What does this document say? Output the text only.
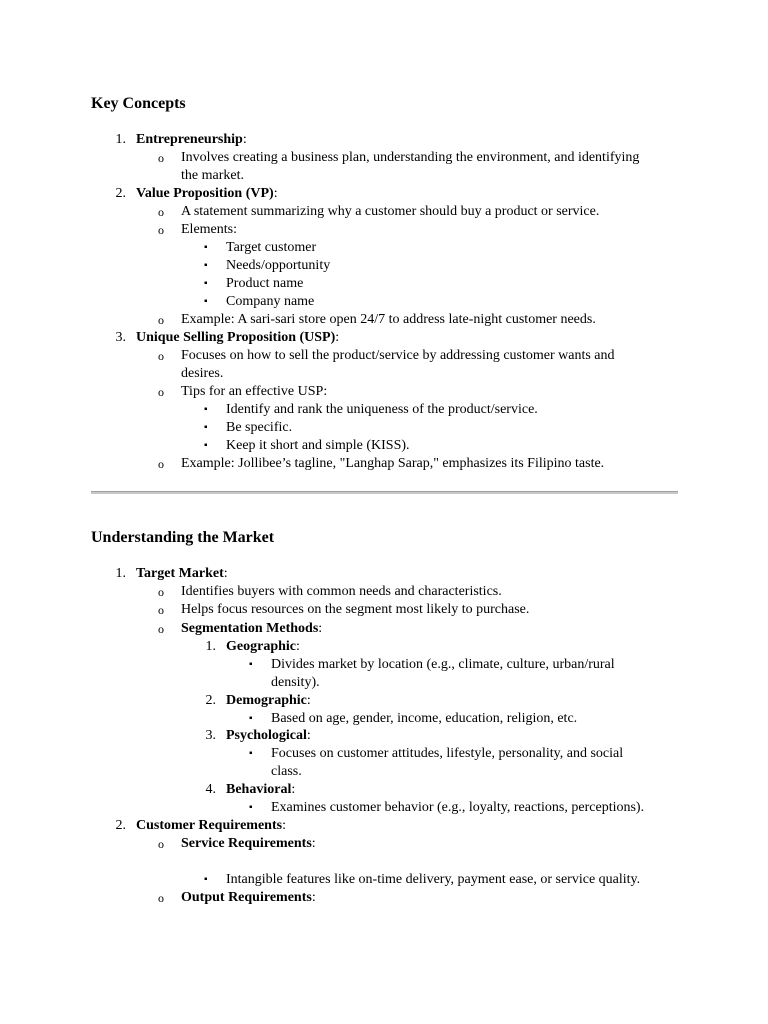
Key Concepts
1. Entrepreneurship:
o	Involves creating a business plan, understanding the environment, and identifying
the market.
2. Value Proposition (VP):
o	A statement summarizing why a customer should buy a product or service.
o	Elements:
▪	Target customer
▪	Needs/opportunity
▪	Product name
▪	Company name
o	Example: A sari-sari store open 24/7 to address late-night customer needs.
3. Unique Selling Proposition (USP):
o	Focuses on how to sell the product/service by addressing customer wants and
desires.
o	Tips for an effective USP:
▪	Identify and rank the uniqueness of the product/service.
▪	Be specific.
▪	Keep it short and simple (KISS).
o	Example: Jollibee’s tagline, "Langhap Sarap," emphasizes its Filipino taste.
Understanding the Market
1. Target Market:
o	Identifies buyers with common needs and characteristics.
o	Helps focus resources on the segment most likely to purchase.
o	Segmentation Methods:
1. Geographic:
▪	Divides market by location (e.g., climate, culture, urban/rural
density).
2. Demographic:
▪	Based on age, gender, income, education, religion, etc.
3. Psychological:
▪	Focuses on customer attitudes, lifestyle, personality, and social
class.
4. Behavioral:
▪	Examines customer behavior (e.g., loyalty, reactions, perceptions).
2. Customer Requirements:
o	Service Requirements:
▪	Intangible features like on-time delivery, payment ease, or service quality.
o	Output Requirements:
